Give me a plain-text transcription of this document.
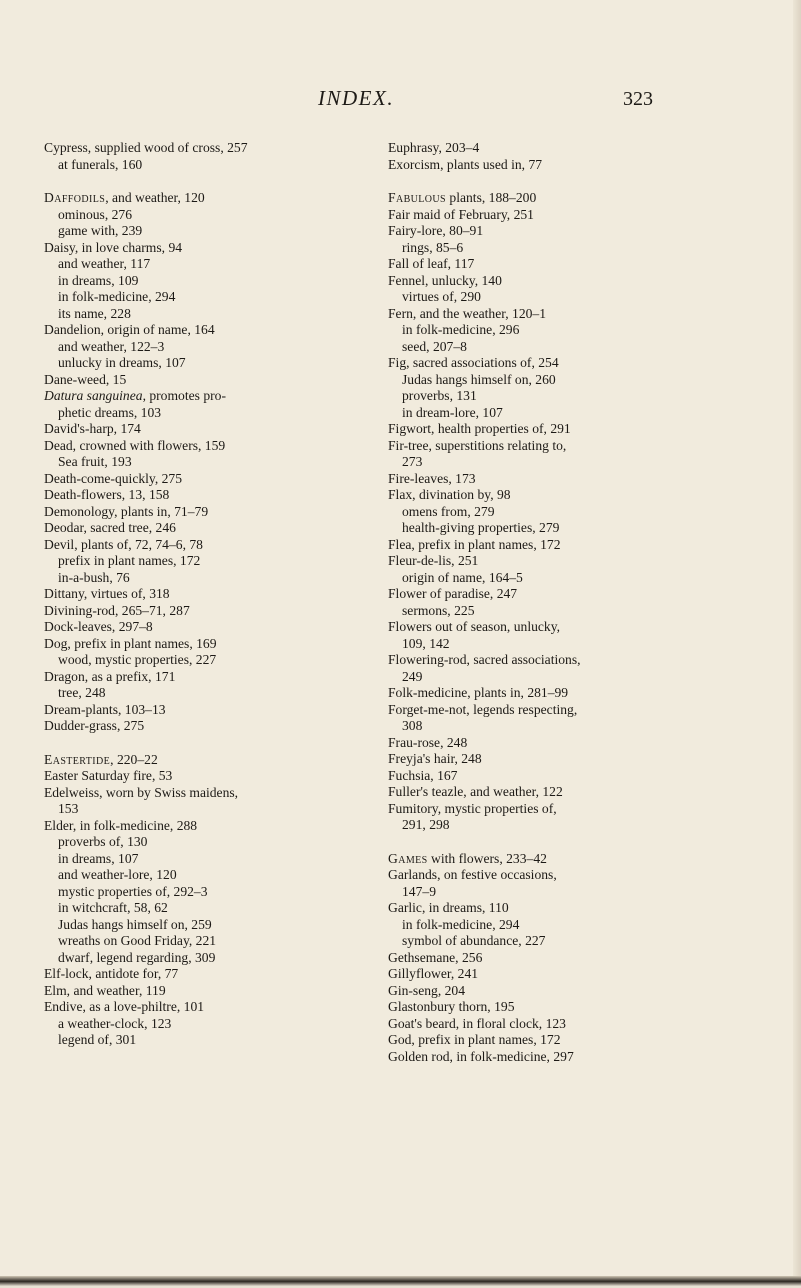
INDEX.	323
Cypress, supplied wood of cross, 257
at funerals, 160
Daffodils, and weather, 120
ominous, 276
game with, 239
Daisy, in love charms, 94
and weather, 117
in dreams, 109
in folk-medicine, 294
its name, 228
Dandelion, origin of name, 164
and weather, 122–3
unlucky in dreams, 107
Dane-weed, 15
Datura sanguinea, promotes pro-
phetic dreams, 103
David's-harp, 174
Dead, crowned with flowers, 159
Sea fruit, 193
Death-come-quickly, 275
Death-flowers, 13, 158
Demonology, plants in, 71–79
Deodar, sacred tree, 246
Devil, plants of, 72, 74–6, 78
prefix in plant names, 172
in-a-bush, 76
Dittany, virtues of, 318
Divining-rod, 265–71, 287
Dock-leaves, 297–8
Dog, prefix in plant names, 169
wood, mystic properties, 227
Dragon, as a prefix, 171
tree, 248
Dream-plants, 103–13
Dudder-grass, 275
Eastertide, 220–22
Easter Saturday fire, 53
Edelweiss, worn by Swiss maidens,
153
Elder, in folk-medicine, 288
proverbs of, 130
in dreams, 107
and weather-lore, 120
mystic properties of, 292–3
in witchcraft, 58, 62
Judas hangs himself on, 259
wreaths on Good Friday, 221
dwarf, legend regarding, 309
Elf-lock, antidote for, 77
Elm, and weather, 119
Endive, as a love-philtre, 101
a weather-clock, 123
legend of, 301
Euphrasy, 203–4
Exorcism, plants used in, 77
Fabulous plants, 188–200
Fair maid of February, 251
Fairy-lore, 80–91
rings, 85–6
Fall of leaf, 117
Fennel, unlucky, 140
virtues of, 290
Fern, and the weather, 120–1
in folk-medicine, 296
seed, 207–8
Fig, sacred associations of, 254
Judas hangs himself on, 260
proverbs, 131
in dream-lore, 107
Figwort, health properties of, 291
Fir-tree, superstitions relating to,
273
Fire-leaves, 173
Flax, divination by, 98
omens from, 279
health-giving properties, 279
Flea, prefix in plant names, 172
Fleur-de-lis, 251
origin of name, 164–5
Flower of paradise, 247
sermons, 225
Flowers out of season, unlucky,
109, 142
Flowering-rod, sacred associations,
249
Folk-medicine, plants in, 281–99
Forget-me-not, legends respecting,
308
Frau-rose, 248
Freyja's hair, 248
Fuchsia, 167
Fuller's teazle, and weather, 122
Fumitory, mystic properties of,
291, 298
Games with flowers, 233–42
Garlands, on festive occasions,
147–9
Garlic, in dreams, 110
in folk-medicine, 294
symbol of abundance, 227
Gethsemane, 256
Gillyflower, 241
Gin-seng, 204
Glastonbury thorn, 195
Goat's beard, in floral clock, 123
God, prefix in plant names, 172
Golden rod, in folk-medicine, 297
